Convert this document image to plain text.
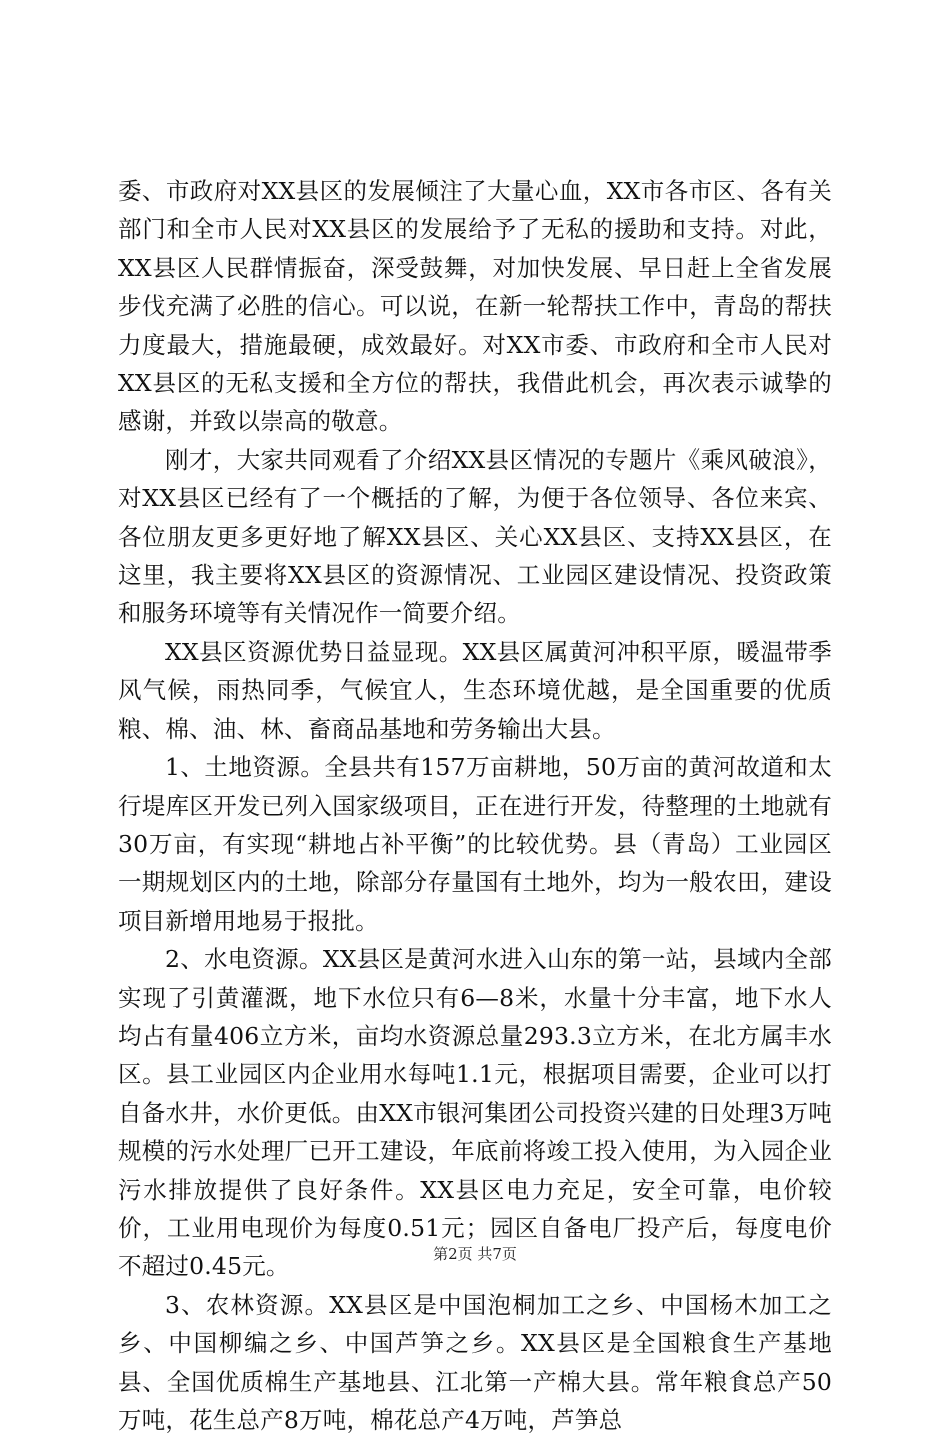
委、市政府对XX县区的发展倾注了大量心血，XX市各市区、各有关部门和全市人民对XX县区的发展给予了无私的援助和支持。对此，XX县区人民群情振奋，深受鼓舞，对加快发展、早日赶上全省发展步伐充满了必胜的信心。可以说，在新一轮帮扶工作中，青岛的帮扶力度最大，措施最硬，成效最好。对XX市委、市政府和全市人民对XX县区的无私支援和全方位的帮扶，我借此机会，再次表示诚挚的感谢，并致以崇高的敬意。

刚才，大家共同观看了介绍XX县区情况的专题片《乘风破浪》，对XX县区已经有了一个概括的了解，为便于各位领导、各位来宾、各位朋友更多更好地了解XX县区、关心XX县区、支持XX县区，在这里，我主要将XX县区的资源情况、工业园区建设情况、投资政策和服务环境等有关情况作一简要介绍。

XX县区资源优势日益显现。XX县区属黄河冲积平原，暖温带季风气候，雨热同季，气候宜人，生态环境优越，是全国重要的优质粮、棉、油、林、畜商品基地和劳务输出大县。

1、土地资源。全县共有157万亩耕地，50万亩的黄河故道和太行堤库区开发已列入国家级项目，正在进行开发，待整理的土地就有30万亩，有实现“耕地占补平衡”的比较优势。县（青岛）工业园区一期规划区内的土地，除部分存量国有土地外，均为一般农田，建设项目新增用地易于报批。

2、水电资源。XX县区是黄河水进入山东的第一站，县域内全部实现了引黄灌溉，地下水位只有6—8米，水量十分丰富，地下水人均占有量406立方米，亩均水资源总量293.3立方米，在北方属丰水区。县工业园区内企业用水每吨1.1元，根据项目需要，企业可以打自备水井，水价更低。由XX市银河集团公司投资兴建的日处理3万吨规模的污水处理厂已开工建设，年底前将竣工投入使用，为入园企业污水排放提供了良好条件。XX县区电力充足，安全可靠，电价较价，工业用电现价为每度0.51元；园区自备电厂投产后，每度电价不超过0.45元。

3、农林资源。XX县区是中国泡桐加工之乡、中国杨木加工之乡、中国柳编之乡、中国芦笋之乡。XX县区是全国粮食生产基地县、全国优质棉生产基地县、江北第一产棉大县。常年粮食总产50万吨，花生总产8万吨，棉花总产4万吨，芦笋总

第2页 共7页
